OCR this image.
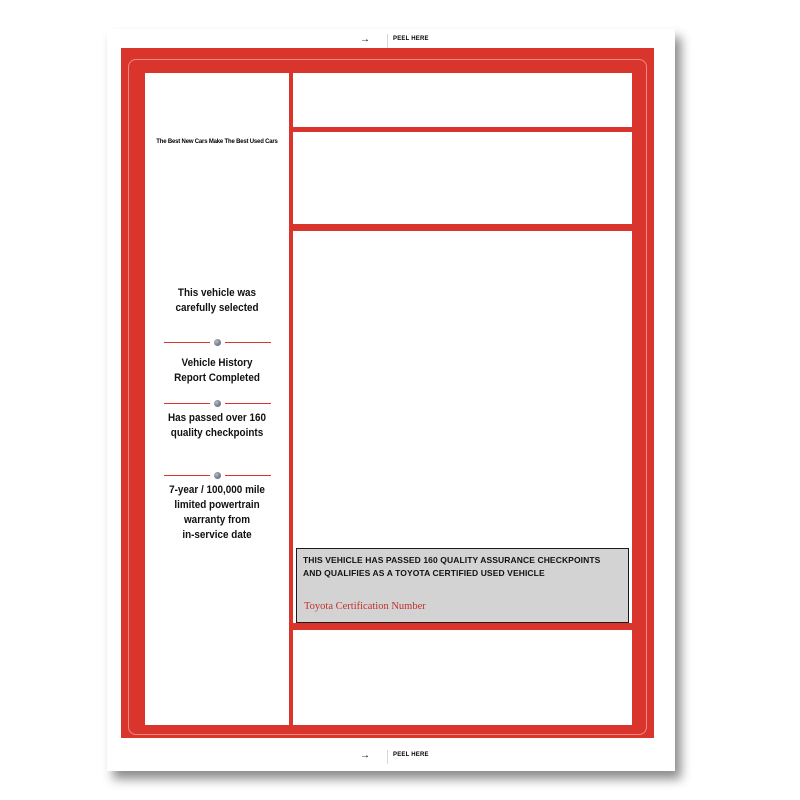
→	PEEL HERE
→	PEEL HERE
The Best New Cars Make The Best Used Cars
This vehicle was
carefully selected
Vehicle History
Report Completed
Has passed over 160
quality checkpoints
7-year / 100,000 mile
limited powertrain
warranty from
in-service date
THIS VEHICLE HAS PASSED 160 QUALITY ASSURANCE CHECKPOINTS
AND QUALIFIES AS A TOYOTA CERTIFIED USED VEHICLE
Toyota Certification Number
